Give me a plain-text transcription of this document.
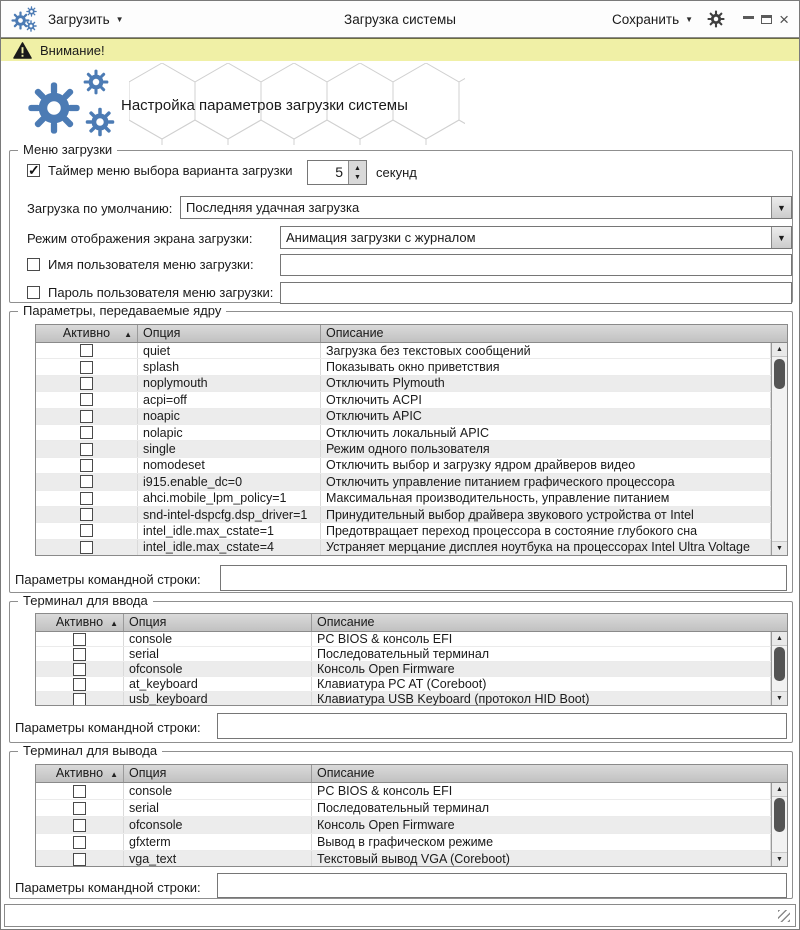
Загрузить ▼	Загрузка системы	Сохранить ▼	×
Внимание!
Настройка параметров загрузки системы
Меню загрузки
✓
Таймер меню выбора варианта загрузки	5	▲
▼ секунд
Загрузка по умолчанию:	Последняя удачная загрузка	▼
Режим отображения экрана загрузки:	Анимация загрузки с журналом	▼
Имя пользователя меню загрузки:
Пароль пользователя меню загрузки:
Параметры, передаваемые ядру
Активно ▲ Опция	Описание
quiet	Загрузка без текстовых сообщений
splash	Показывать окно приветствия
noplymouth	Отключить Plymouth
acpi=off	Отключить ACPI
noapic	Отключить APIC
nolapic	Отключить локальный APIC
single	Режим одного пользователя
nomodeset	Отключить выбор и загрузку ядром драйверов видео
i915.enable_dc=0	Отключить управление питанием графического процессора
ahci.mobile_lpm_policy=1	Максимальная производительность, управление питанием
snd-intel-dspcfg.dsp_driver=1	Принудительный выбор драйвера звукового устройства от Intel
intel_idle.max_cstate=1	Предотвращает переход процессора в состояние глубокого сна
intel_idle.max_cstate=4	Устраняет мерцание дисплея ноутбука на процессорах Intel Ultra Voltage
▲
▼
Параметры командной строки:
Терминал для ввода
Активно ▲ Опция	Описание
console	PC BIOS & консоль EFI
serial	Последовательный терминал
ofconsole	Консоль Open Firmware
at_keyboard	Клавиатура PC AT (Coreboot)
usb_keyboard	Клавиатура USB Keyboard (протокол HID Boot)
▲
▼
Параметры командной строки:
Терминал для вывода
Активно ▲ Опция	Описание
console	PC BIOS & консоль EFI
serial	Последовательный терминал
ofconsole	Консоль Open Firmware
gfxterm	Вывод в графическом режиме
vga_text	Текстовый вывод VGA (Coreboot)
▲
▼
Параметры командной строки:
